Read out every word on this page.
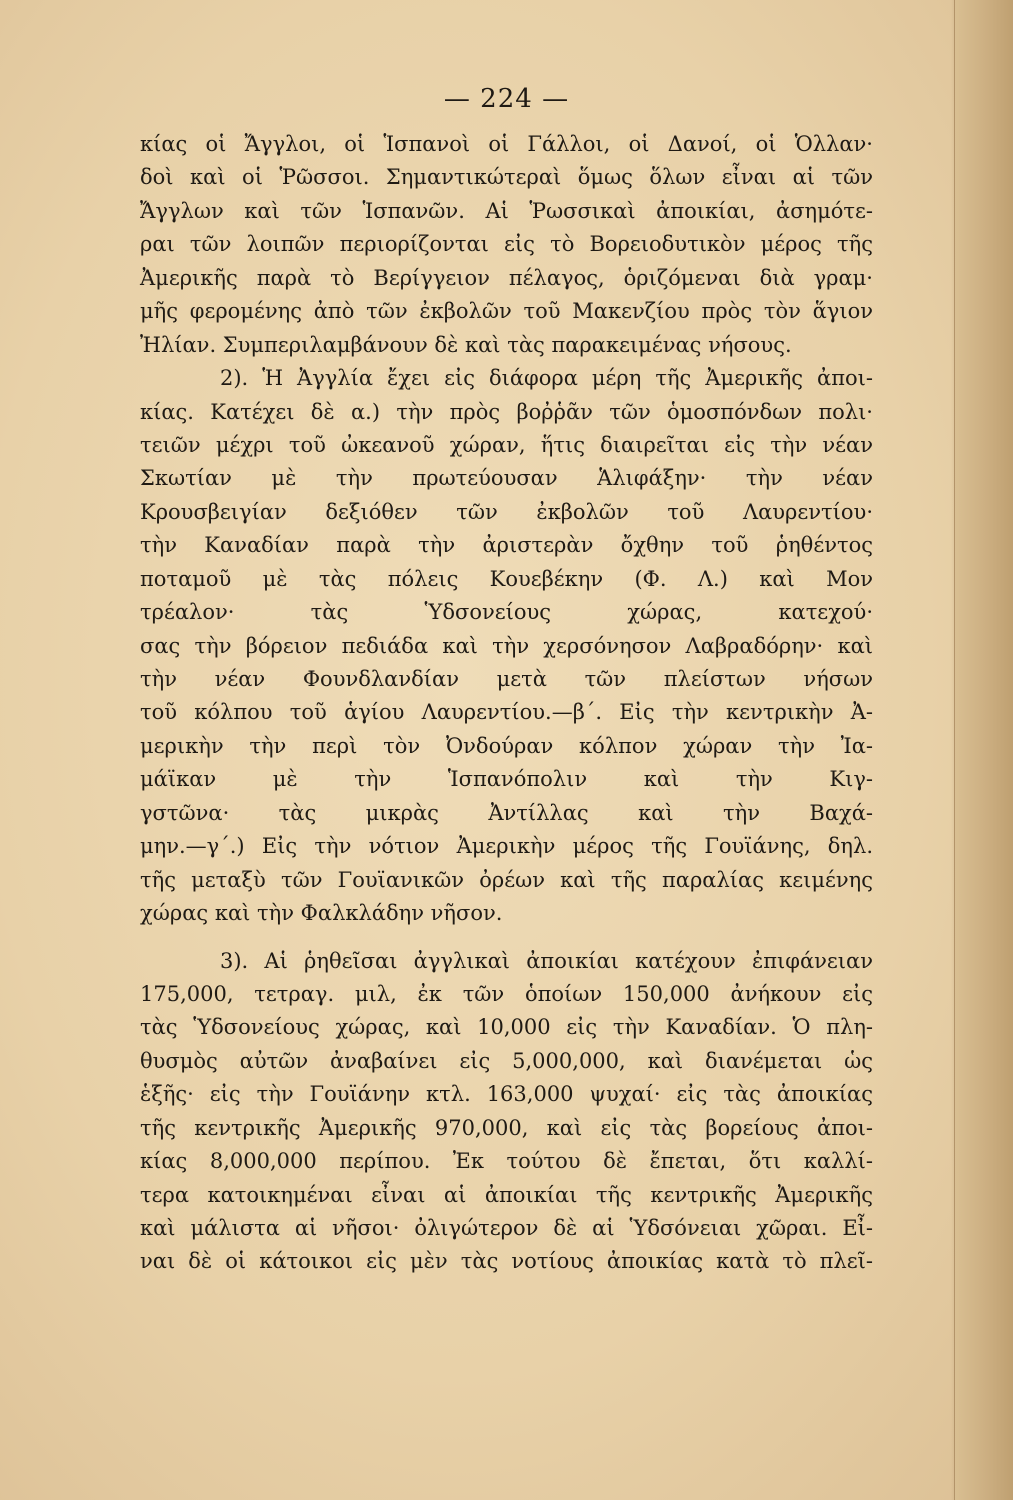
— 224 —
κίας οἱ Ἄγγλοι, οἱ Ἱσπανοὶ οἱ Γάλλοι, οἱ Δανοί, οἱ Ὁλλαν·
δοὶ καὶ οἱ Ῥῶσσοι. Σημαντικώτεραὶ ὅμως ὅλων εἶναι αἱ τῶν
Ἄγγλων καὶ τῶν Ἱσπανῶν. Αἱ Ῥωσσικαὶ ἀποικίαι, ἀσημότε-
ραι τῶν λοιπῶν περιορίζονται εἰς τὸ Βορειοδυτικὸν μέρος τῆς
Ἀμερικῆς παρὰ τὸ Βερίγγειον πέλαγος, ὁριζόμεναι διὰ γραμ·
μῆς φερομένης ἀπὸ τῶν ἐκβολῶν τοῦ Μακενζίου πρὸς τὸν ἅγιον
Ἠλίαν. Συμπεριλαμβάνουν δὲ καὶ τὰς παρακειμένας νήσους.
2). Ἡ Ἀγγλία ἔχει εἰς διάφορα μέρη τῆς Ἀμερικῆς ἀποι-
κίας. Κατέχει δὲ α.) τὴν πρὸς βοῤῥᾶν τῶν ὁμοσπόνδων πολι·
τειῶν μέχρι τοῦ ὠκεανοῦ χώραν, ἥτις διαιρεῖται εἰς τὴν νέαν
Σκωτίαν μὲ τὴν πρωτεύουσαν Ἁλιφάξην· τὴν νέαν
Κρουσβειγίαν δεξιόθεν τῶν ἐκβολῶν τοῦ Λαυρεντίου·
τὴν Καναδίαν παρὰ τὴν ἀριστερὰν ὄχθην τοῦ ῥηθέντος
ποταμοῦ μὲ τὰς πόλεις Κουεβέκην (Φ. Λ.) καὶ Μον
τρέαλον· τὰς Ὑδσονείους χώρας, κατεχού·
σας τὴν βόρειον πεδιάδα καὶ τὴν χερσόνησον Λαβραδόρην· καὶ
τὴν νέαν Φουνδλανδίαν μετὰ τῶν πλείστων νήσων
τοῦ κόλπου τοῦ ἁγίου Λαυρεντίου.—β΄. Εἰς τὴν κεντρικὴν Ἀ-
μερικὴν τὴν περὶ τὸν Ὀνδούραν κόλπον χώραν τὴν Ἰα-
μάϊκαν μὲ τὴν Ἱσπανόπολιν καὶ τὴν Κιγ-
γστῶνα· τὰς μικρὰς Ἀντίλλας καὶ τὴν Βαχά-
μην.—γ΄.) Εἰς τὴν νότιον Ἀμερικὴν μέρος τῆς Γουϊάνης, δηλ.
τῆς μεταξὺ τῶν Γουϊανικῶν ὀρέων καὶ τῆς παραλίας κειμένης
χώρας καὶ τὴν Φαλκλάδην νῆσον.
3). Αἱ ῥηθεῖσαι ἀγγλικαὶ ἀποικίαι κατέχουν ἐπιφάνειαν
175,000, τετραγ. μιλ, ἐκ τῶν ὁποίων 150,000 ἀνήκουν εἰς
τὰς Ὑδσονείους χώρας, καὶ 10,000 εἰς τὴν Καναδίαν. Ὁ πλη-
θυσμὸς αὐτῶν ἀναβαίνει εἰς 5,000,000, καὶ διανέμεται ὡς
ἑξῆς· εἰς τὴν Γουϊάνην κτλ. 163,000 ψυχαί· εἰς τὰς ἀποικίας
τῆς κεντρικῆς Ἀμερικῆς 970,000, καὶ εἰς τὰς βορείους ἀποι-
κίας 8,000,000 περίπου. Ἐκ τούτου δὲ ἔπεται, ὅτι καλλί-
τερα κατοικημέναι εἶναι αἱ ἀποικίαι τῆς κεντρικῆς Ἀμερικῆς
καὶ μάλιστα αἱ νῆσοι· ὀλιγώτερον δὲ αἱ Ὑδσόνειαι χῶραι. Εἶ-
ναι δὲ οἱ κάτοικοι εἰς μὲν τὰς νοτίους ἀποικίας κατὰ τὸ πλεῖ-
